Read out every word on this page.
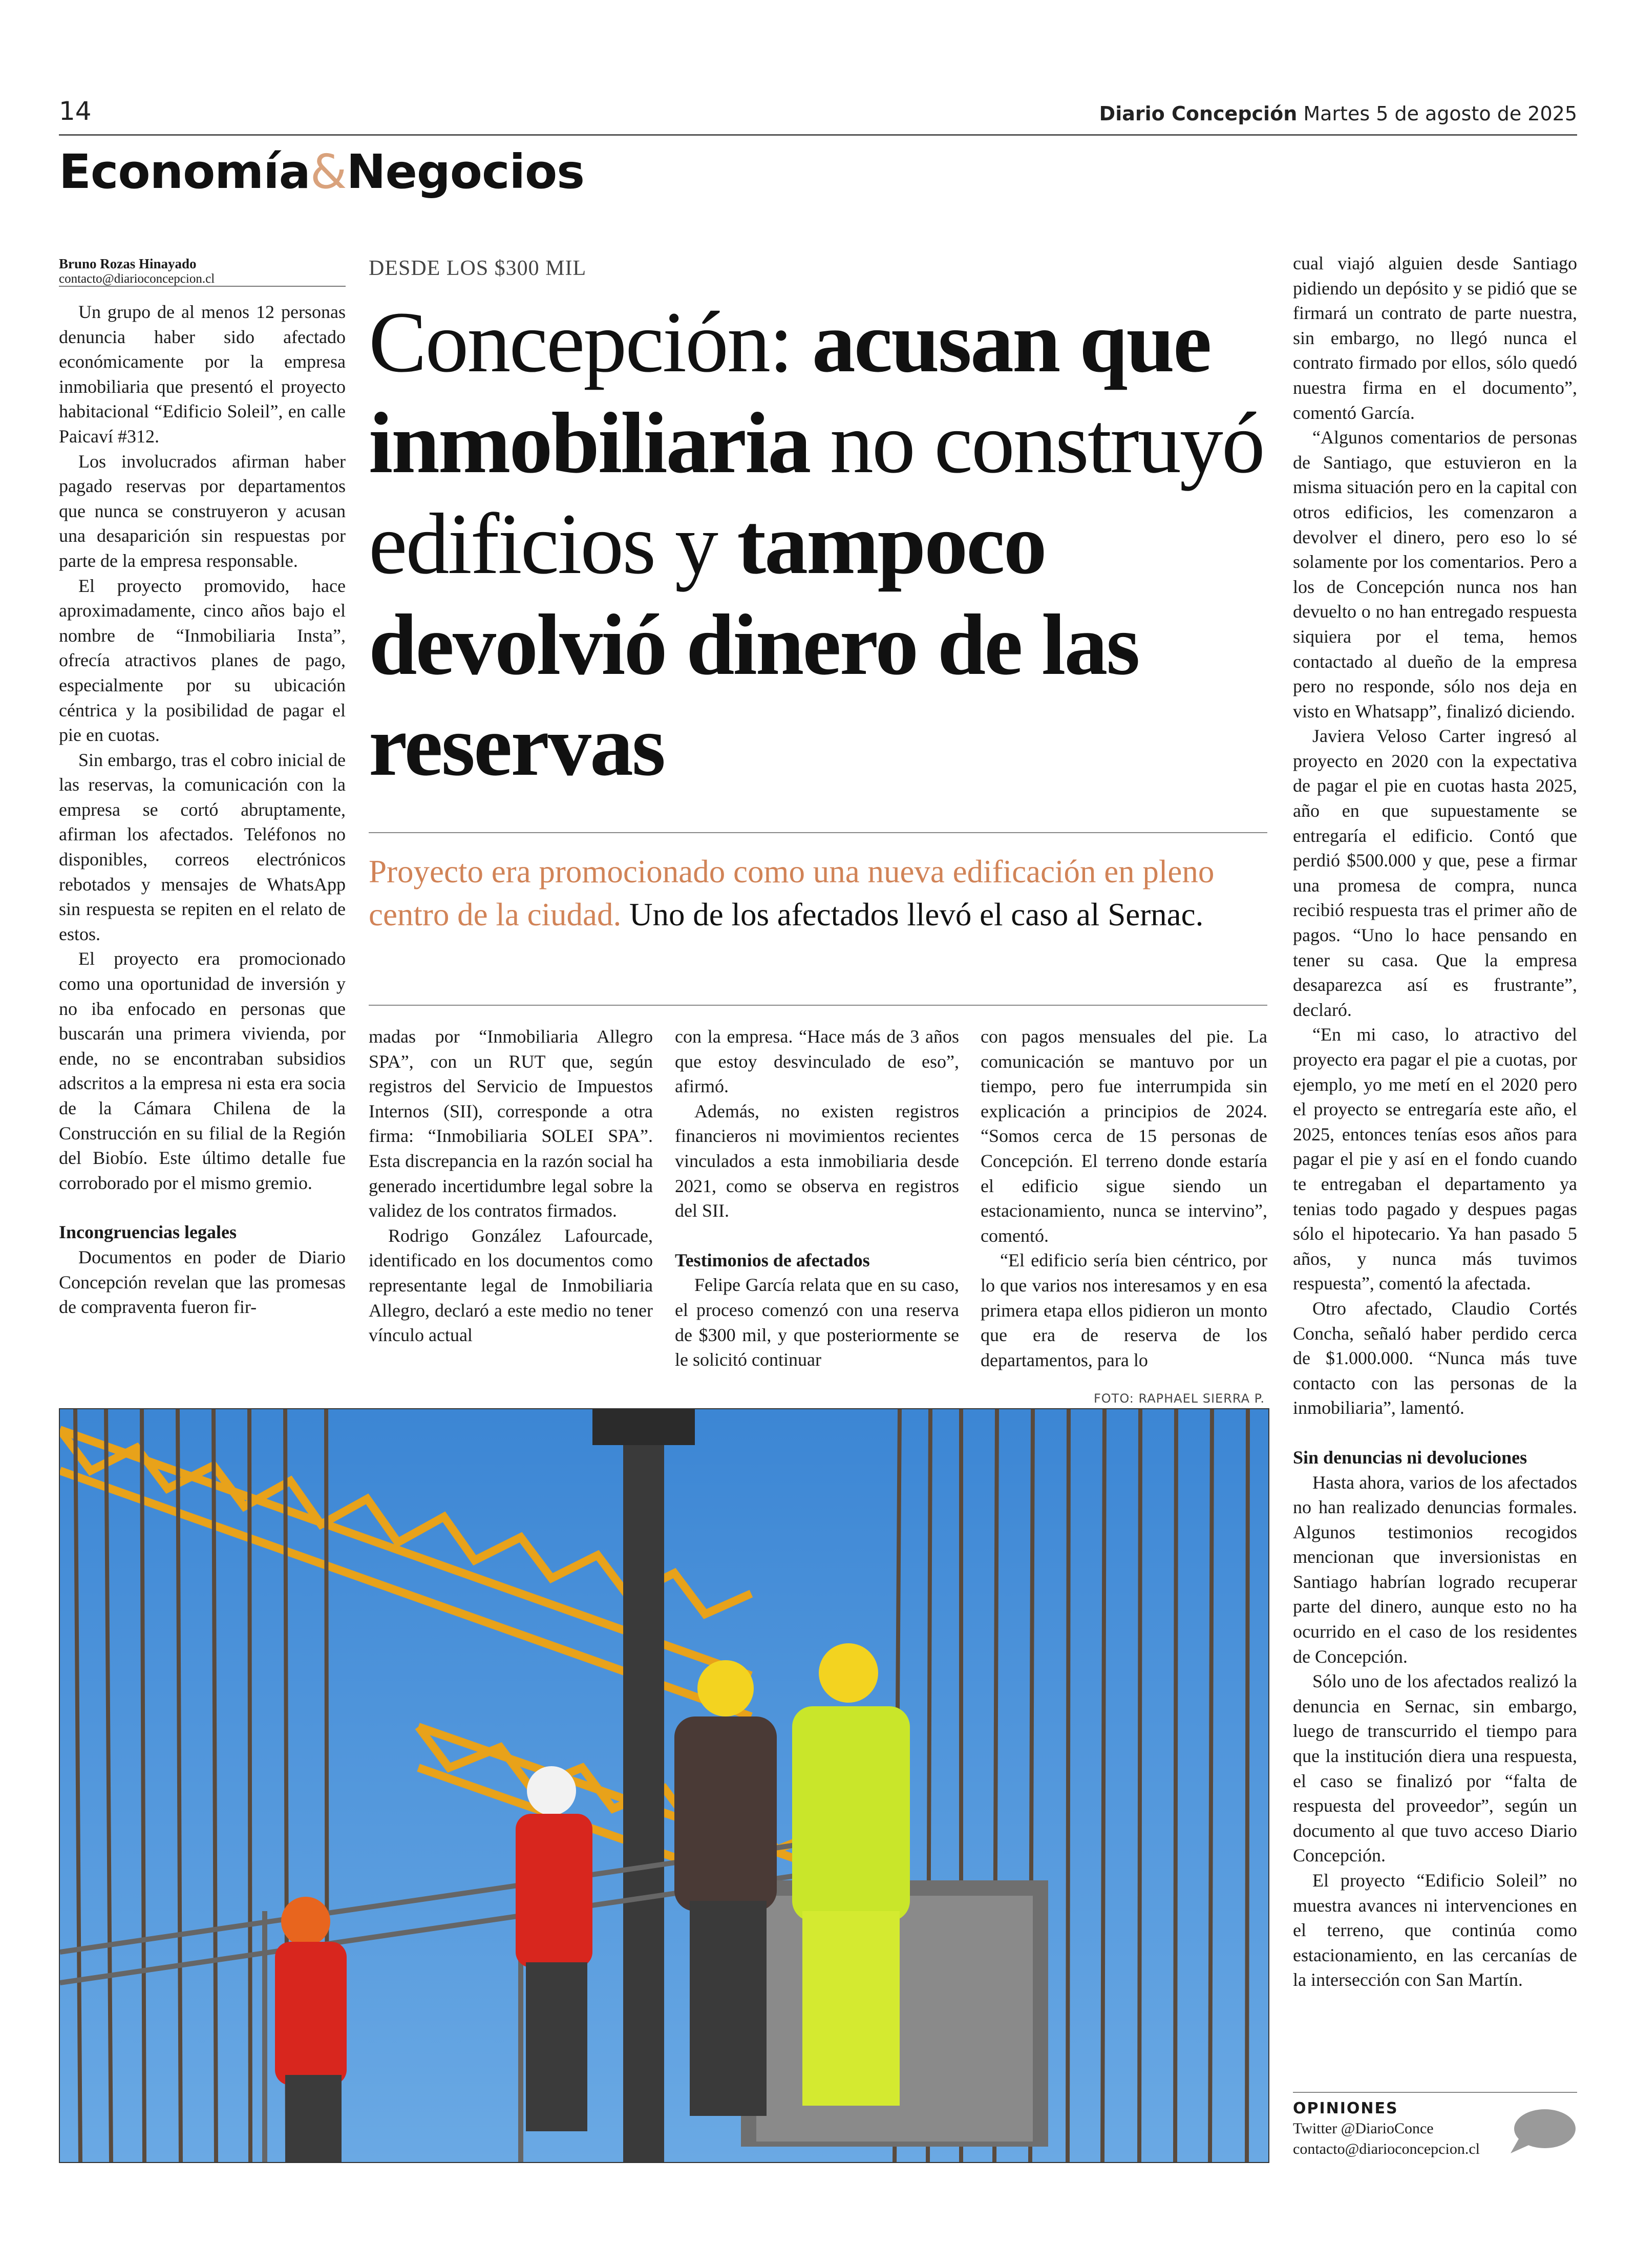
14	Diario Concepción Martes 5 de agosto de 2025
Economía&Negocios
Bruno Rozas Hinayado
contacto@diarioconcepcion.cl

Un grupo de al menos 12 personas denuncia haber sido afectado económicamente por la empresa inmobiliaria que presentó el proyecto habitacional “Edificio Soleil”, en calle Paicaví #312.

Los involucrados afirman haber pagado reservas por departamentos que nunca se construyeron y acusan una desaparición sin respuestas por parte de la empresa responsable.

El proyecto promovido, hace aproximadamente, cinco años bajo el nombre de “Inmobiliaria Insta”, ofrecía atractivos planes de pago, especialmente por su ubicación céntrica y la posibilidad de pagar el pie en cuotas.

Sin embargo, tras el cobro inicial de las reservas, la comunicación con la empresa se cortó abruptamente, afirman los afectados. Teléfonos no disponibles, correos electrónicos rebotados y mensajes de WhatsApp sin respuesta se repiten en el relato de estos.

El proyecto era promocionado como una oportunidad de inversión y no iba enfocado en personas que buscarán una primera vivienda, por ende, no se encontraban subsidios adscritos a la empresa ni esta era socia de la Cámara Chilena de la Construcción en su filial de la Región del Biobío. Este último detalle fue corroborado por el mismo gremio.

Incongruencias legales

Documentos en poder de Diario Concepción revelan que las promesas de compraventa fueron fir-

DESDE LOS $300 MIL
Concepción: acusan que inmobiliaria no construyó edificios y tampoco devolvió dinero de las reservas
Proyecto era promocionado como una nueva edificación en pleno centro de la ciudad. Uno de los afectados llevó el caso al Sernac.

madas por “Inmobiliaria Allegro SPA”, con un RUT que, según registros del Servicio de Impuestos Internos (SII), corresponde a otra firma: “Inmobiliaria SOLEI SPA”. Esta discrepancia en la razón social ha generado incertidumbre legal sobre la validez de los contratos firmados.

Rodrigo González Lafourcade, identificado en los documentos como representante legal de Inmobiliaria Allegro, declaró a este medio no tener vínculo actual

con la empresa. “Hace más de 3 años que estoy desvinculado de eso”, afirmó.

Además, no existen registros financieros ni movimientos recientes vinculados a esta inmobiliaria desde 2021, como se observa en registros del SII.

Testimonios de afectados

Felipe García relata que en su caso, el proceso comenzó con una reserva de $300 mil, y que posteriormente se le solicitó continuar

con pagos mensuales del pie. La comunicación se mantuvo por un tiempo, pero fue interrumpida sin explicación a principios de 2024. “Somos cerca de 15 personas de Concepción. El terreno donde estaría el edificio sigue siendo un estacionamiento, nunca se intervino”, comentó.

“El edificio sería bien céntrico, por lo que varios nos interesamos y en esa primera etapa ellos pidieron un monto que era de reserva de los departamentos, para lo

cual viajó alguien desde Santiago pidiendo un depósito y se pidió que se firmará un contrato de parte nuestra, sin embargo, no llegó nunca el contrato firmado por ellos, sólo quedó nuestra firma en el documento”, comentó García.

“Algunos comentarios de personas de Santiago, que estuvieron en la misma situación pero en la capital con otros edificios, les comenzaron a devolver el dinero, pero eso lo sé solamente por los comentarios. Pero a los de Concepción nunca nos han devuelto o no han entregado respuesta siquiera por el tema, hemos contactado al dueño de la empresa pero no responde, sólo nos deja en visto en Whatsapp”, finalizó diciendo.

Javiera Veloso Carter ingresó al proyecto en 2020 con la expectativa de pagar el pie en cuotas hasta 2025, año en que supuestamente se entregaría el edificio. Contó que perdió $500.000 y que, pese a firmar una promesa de compra, nunca recibió respuesta tras el primer año de pagos. “Uno lo hace pensando en tener su casa. Que la empresa desaparezca así es frustrante”, declaró.

“En mi caso, lo atractivo del proyecto era pagar el pie a cuotas, por ejemplo, yo me metí en el 2020 pero el proyecto se entregaría este año, el 2025, entonces tenías esos años para pagar el pie y así en el fondo cuando te entregaban el departamento ya tenias todo pagado y despues pagas sólo el hipotecario. Ya han pasado 5 años, y nunca más tuvimos respuesta”, comentó la afectada.

Otro afectado, Claudio Cortés Concha, señaló haber perdido cerca de $1.000.000. “Nunca más tuve contacto con las personas de la inmobiliaria”, lamentó.

Sin denuncias ni devoluciones

Hasta ahora, varios de los afectados no han realizado denuncias formales. Algunos testimonios recogidos mencionan que inversionistas en Santiago habrían logrado recuperar parte del dinero, aunque esto no ha ocurrido en el caso de los residentes de Concepción.

Sólo uno de los afectados realizó la denuncia en Sernac, sin embargo, luego de transcurrido el tiempo para que la institución diera una respuesta, el caso se finalizó por “falta de respuesta del proveedor”, según un documento al que tuvo acceso Diario Concepción.

El proyecto “Edificio Soleil” no muestra avances ni intervenciones en el terreno, que continúa como estacionamiento, en las cercanías de la intersección con San Martín.

FOTO: RAPHAEL SIERRA P.
OPINIONES
Twitter @DiarioConce
contacto@diarioconcepcion.cl
